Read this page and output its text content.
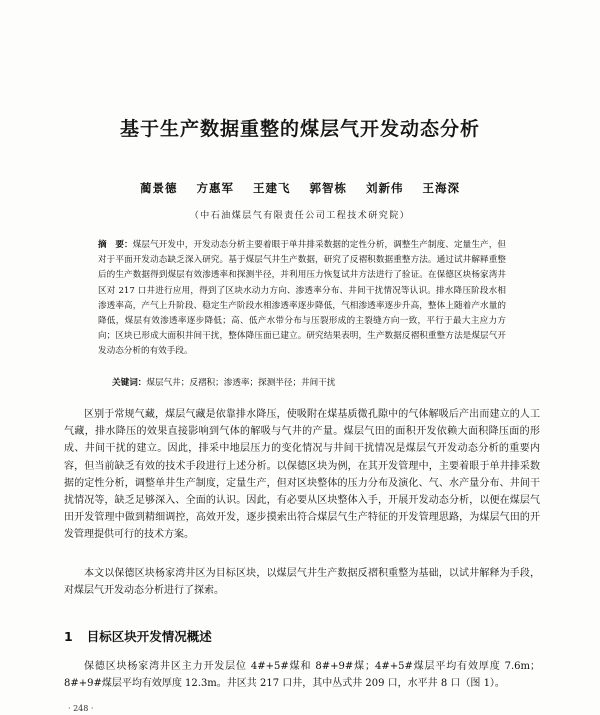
基于生产数据重整的煤层气开发动态分析
蔺景德 方惠军 王建飞 郭智栋 刘新伟 王海深
（中石油煤层气有限责任公司工程技术研究院）
摘　要：煤层气开发中，开发动态分析主要着眼于单井排采数据的定性分析，调整生产制度、定量生产，但对于平面开发动态缺乏深入研究。基于煤层气井生产数据，研究了反褶积数据重整方法。通过试井解释重整后的生产数据得到煤层有效渗透率和探测半径，并利用压力恢复试井方法进行了验证。在保德区块杨家湾井区对 217 口井进行应用，得到了区块水动力方向、渗透率分布、井间干扰情况等认识。排水降压阶段水相渗透率高，产气上升阶段、稳定生产阶段水相渗透率逐步降低，气相渗透率逐步升高，整体上随着产水量的降低，煤层有效渗透率逐步降低；高、低产水带分布与压裂形成的主裂缝方向一致，平行于最大主应力方向；区块已形成大面积井间干扰，整体降压面已建立。研究结果表明，生产数据反褶积重整方法是煤层气开发动态分析的有效手段。
关键词：煤层气井；反褶积；渗透率；探测半径；井间干扰
区别于常规气藏，煤层气藏是依靠排水降压，使吸附在煤基质微孔隙中的气体解吸后产出而建立的人工气藏，排水降压的效果直接影响到气体的解吸与气井的产量。煤层气田的面积开发依赖大面积降压面的形成、井间干扰的建立。因此，排采中地层压力的变化情况与井间干扰情况是煤层气开发动态分析的重要内容，但当前缺乏有效的技术手段进行上述分析。以保德区块为例，在其开发管理中，主要着眼于单井排采数据的定性分析，调整单井生产制度，定量生产，但对区块整体的压力分布及演化、气、水产量分布、井间干扰情况等，缺乏足够深入、全面的认识。因此，有必要从区块整体入手，开展开发动态分析，以便在煤层气田开发管理中做到精细调控，高效开发，逐步摸索出符合煤层气生产特征的开发管理思路，为煤层气田的开发管理提供可行的技术方案。
本文以保德区块杨家湾井区为目标区块，以煤层气井生产数据反褶积重整为基础，以试井解释为手段，对煤层气开发动态分析进行了探索。
1 目标区块开发情况概述
保德区块杨家湾井区主力开发层位 4#+5#煤和 8#+9#煤；4#+5#煤层平均有效厚度 7.6m；8#+9#煤层平均有效厚度 12.3m。井区共 217 口井，其中丛式井 209 口，水平井 8 口（图 1）。
· 248 ·
